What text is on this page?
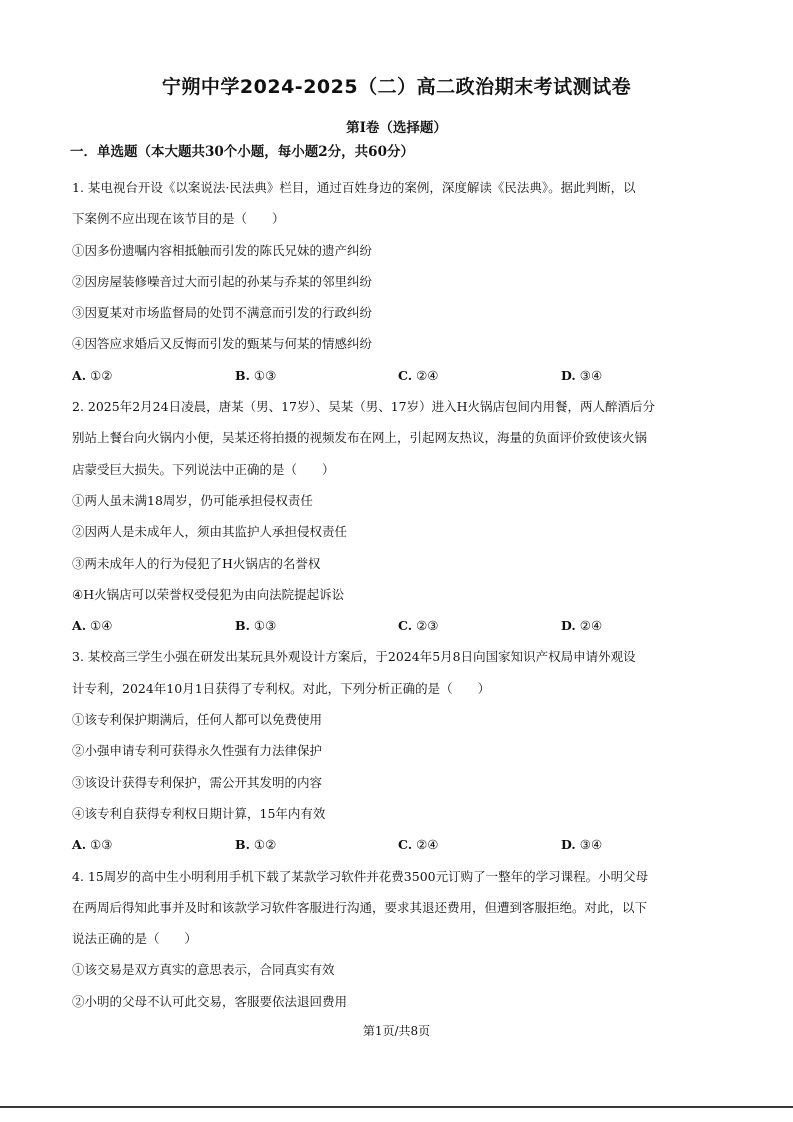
宁朔中学2024-2025（二）高二政治期末考试测试卷
第Ⅰ卷（选择题）
一．单选题（本大题共30个小题，每小题2分，共60分）
1. 某电视台开设《以案说法·民法典》栏目，通过百姓身边的案例，深度解读《民法典》。据此判断，以
下案例不应出现在该节目的是（　　）
①因多份遗嘱内容相抵触而引发的陈氏兄妹的遗产纠纷
②因房屋装修噪音过大而引起的孙某与乔某的邻里纠纷
③因夏某对市场监督局的处罚不满意而引发的行政纠纷
④因答应求婚后又反悔而引发的甄某与何某的情感纠纷
A. ①②	B. ①③	C. ②④	D. ③④
2. 2025年2月24日凌晨，唐某（男、17岁）、吴某（男、17岁）进入H火锅店包间内用餐，两人醉酒后分
别站上餐台向火锅内小便，吴某还将拍摄的视频发布在网上，引起网友热议，海量的负面评价致使该火锅
店蒙受巨大损失。下列说法中正确的是（　　）
①两人虽未满18周岁，仍可能承担侵权责任
②因两人是未成年人，须由其监护人承担侵权责任
③两未成年人的行为侵犯了H火锅店的名誉权
④H火锅店可以荣誉权受侵犯为由向法院提起诉讼
A. ①④	B. ①③	C. ②③	D. ②④
3. 某校高三学生小强在研发出某玩具外观设计方案后，于2024年5月8日向国家知识产权局申请外观设
计专利，2024年10月1日获得了专利权。对此，下列分析正确的是（　　）
①该专利保护期满后，任何人都可以免费使用
②小强申请专利可获得永久性强有力法律保护
③该设计获得专利保护，需公开其发明的内容
④该专利自获得专利权日期计算，15年内有效
A. ①③	B. ①②	C. ②④	D. ③④
4. 15周岁的高中生小明利用手机下载了某款学习软件并花费3500元订购了一整年的学习课程。小明父母
在两周后得知此事并及时和该款学习软件客服进行沟通，要求其退还费用，但遭到客服拒绝。对此，以下
说法正确的是（　　）
①该交易是双方真实的意思表示，合同真实有效
②小明的父母不认可此交易，客服要依法退回费用
第1页/共8页
